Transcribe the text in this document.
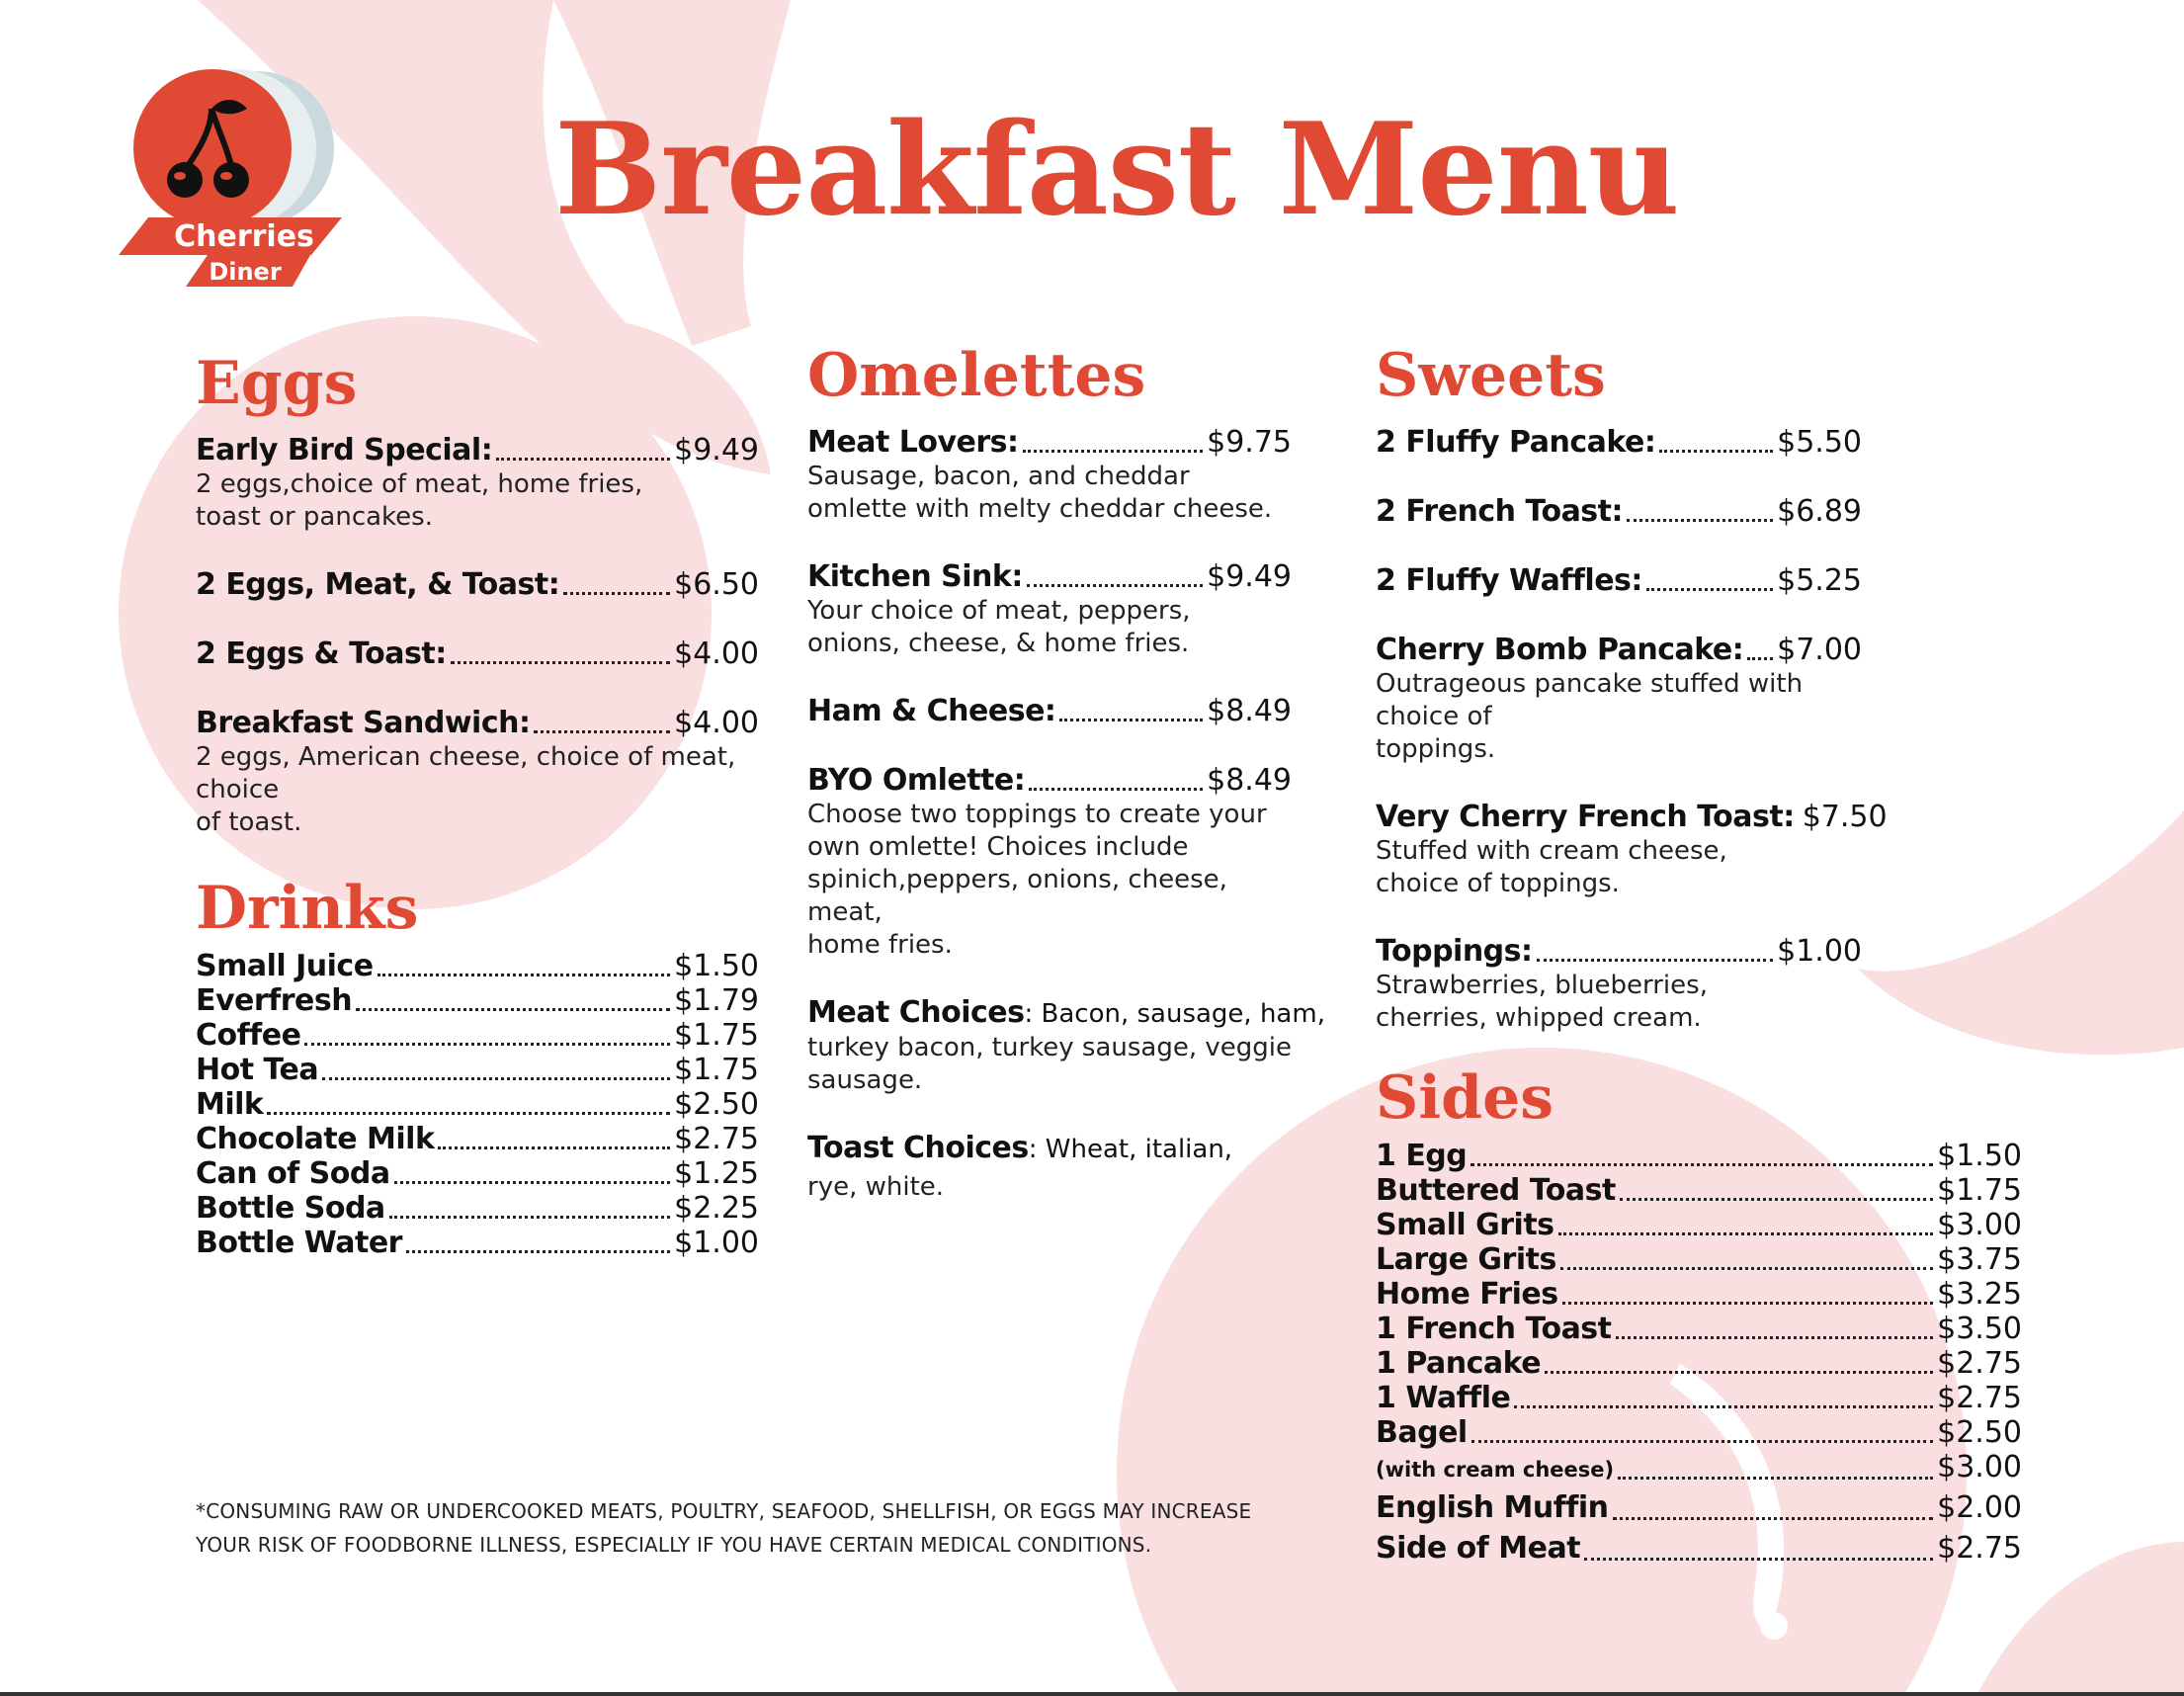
Cherries
Diner
Breakfast Menu
Eggs
Early Bird Special:	$9.49
2 eggs,choice of meat, home fries,
toast or pancakes.
2 Eggs, Meat, & Toast:	$6.50
2 Eggs & Toast:	$4.00
Breakfast Sandwich:	$4.00
2 eggs, American cheese, choice of meat, choice
of toast.
Drinks
Small Juice	$1.50
Everfresh	$1.79
Coffee	$1.75
Hot Tea	$1.75
Milk	$2.50
Chocolate Milk	$2.75
Can of Soda	$1.25
Bottle Soda	$2.25
Bottle Water	$1.00
Omelettes
Meat Lovers:	$9.75
Sausage, bacon, and cheddar
omlette with melty cheddar cheese.
Kitchen Sink:	$9.49
Your choice of meat, peppers,
onions, cheese, & home fries.
Ham & Cheese:	$8.49
BYO Omlette:	$8.49
Choose two toppings to create your
own omlette! Choices include
spinich,peppers, onions, cheese, meat,
home fries.
Meat Choices : Bacon, sausage, ham,
turkey bacon, turkey sausage, veggie
sausage.
Toast Choices : Wheat, italian,
rye, white.
Sweets
2 Fluffy Pancake:	$5.50
2 French Toast:	$6.89
2 Fluffy Waffles:	$5.25
Cherry Bomb Pancake: $7.00
Outrageous pancake stuffed with choice of
toppings.
Very Cherry French Toast: $7.50
Stuffed with cream cheese,
choice of toppings.
Toppings:	$1.00
Strawberries, blueberries,
cherries, whipped cream.
Sides
1 Egg	$1.50
Buttered Toast	$1.75
Small Grits	$3.00
Large Grits	$3.75
Home Fries	$3.25
1 French Toast	$3.50
1 Pancake	$2.75
1 Waffle	$2.75
Bagel	$2.50
(with cream cheese)	$3.00
English Muffin	$2.00
Side of Meat	$2.75
*CONSUMING RAW OR UNDERCOOKED MEATS, POULTRY, SEAFOOD, SHELLFISH, OR EGGS MAY INCREASE
YOUR RISK OF FOODBORNE ILLNESS, ESPECIALLY IF YOU HAVE CERTAIN MEDICAL CONDITIONS.
